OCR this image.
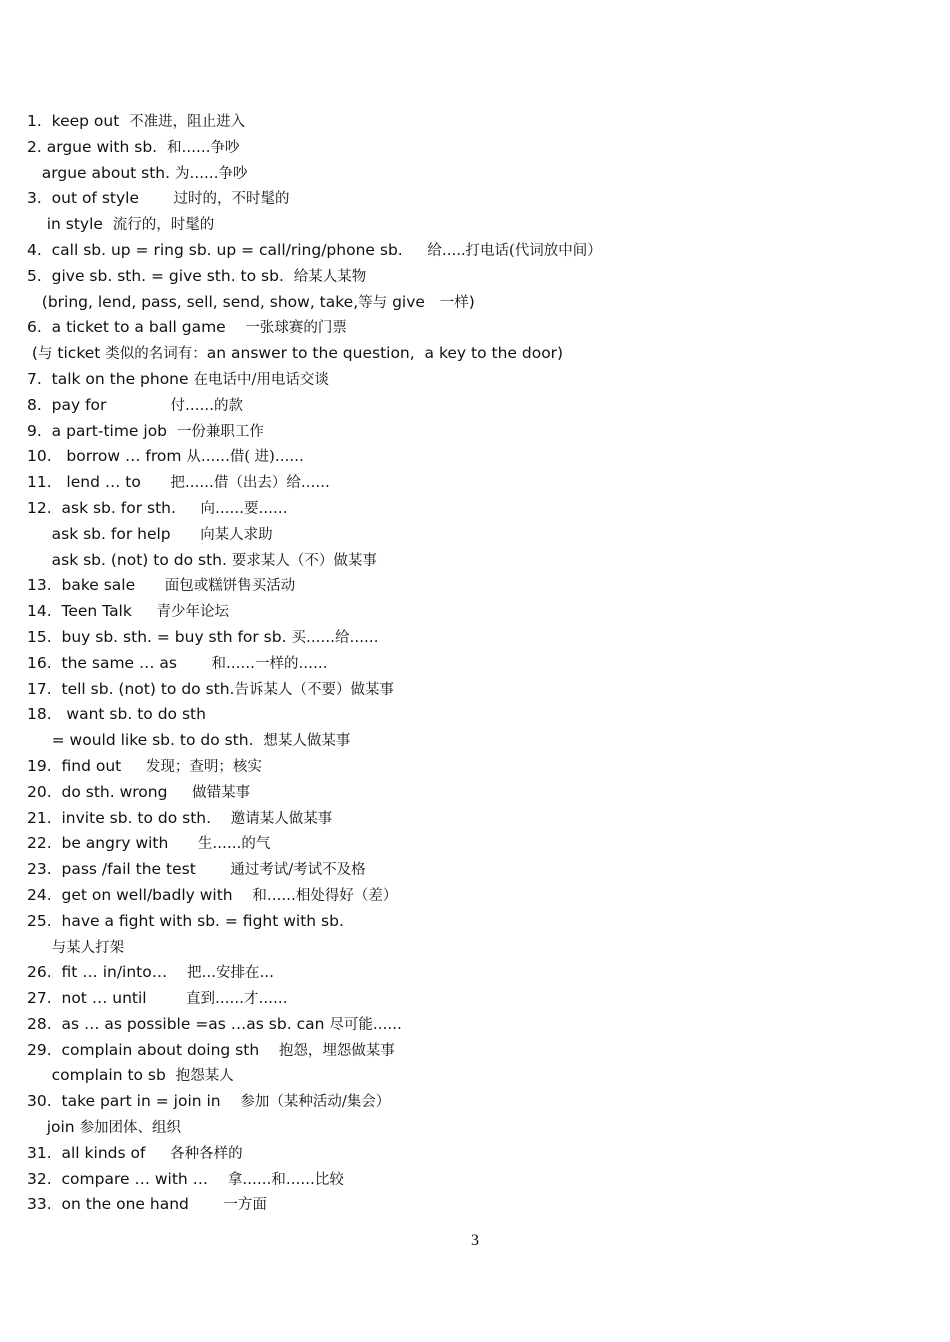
1.  keep out  不准进，阻止进入
2. argue with sb.  和……争吵
argue about sth. 为……争吵
3.  out of style       过时的，不时髦的
in style  流行的，时髦的
4.  call sb. up = ring sb. up = call/ring/phone sb.     给…..打电话(代词放中间）
5.  give sb. sth. = give sth. to sb.  给某人某物
(bring, lend, pass, sell, send, show, take,等与 give   一样)
6.  a ticket to a ball game    一张球赛的门票
(与 ticket 类似的名词有：an answer to the question,  a key to the door)
7.  talk on the phone 在电话中/用电话交谈
8.  pay for             付……的款
9.  a part-time job  一份兼职工作
10.   borrow … from 从……借( 进)……
11.   lend … to      把……借（出去）给……
12.  ask sb. for sth.     向……要……
ask sb. for help      向某人求助
ask sb. (not) to do sth. 要求某人（不）做某事
13.  bake sale      面包或糕饼售买活动
14.  Teen Talk     青少年论坛
15.  buy sb. sth. = buy sth for sb. 买……给……
16.  the same … as       和……一样的……
17.  tell sb. (not) to do sth.告诉某人（不要）做某事
18.   want sb. to do sth
= would like sb. to do sth.  想某人做某事
19.  find out     发现；查明；核实
20.  do sth. wrong     做错某事
21.  invite sb. to do sth.    邀请某人做某事
22.  be angry with      生……的气
23.  pass /fail the test       通过考试/考试不及格
24.  get on well/badly with    和……相处得好（差）
25.  have a fight with sb. = fight with sb.
与某人打架
26.  fit … in/into…    把…安排在…
27.  not … until        直到……才……
28.  as … as possible =as …as sb. can 尽可能……
29.  complain about doing sth    抱怨，埋怨做某事
complain to sb  抱怨某人
30.  take part in = join in    参加（某种活动/集会）
join 参加团体、组织
31.  all kinds of     各种各样的
32.  compare … with …    拿……和……比较
33.  on the one hand       一方面
3
